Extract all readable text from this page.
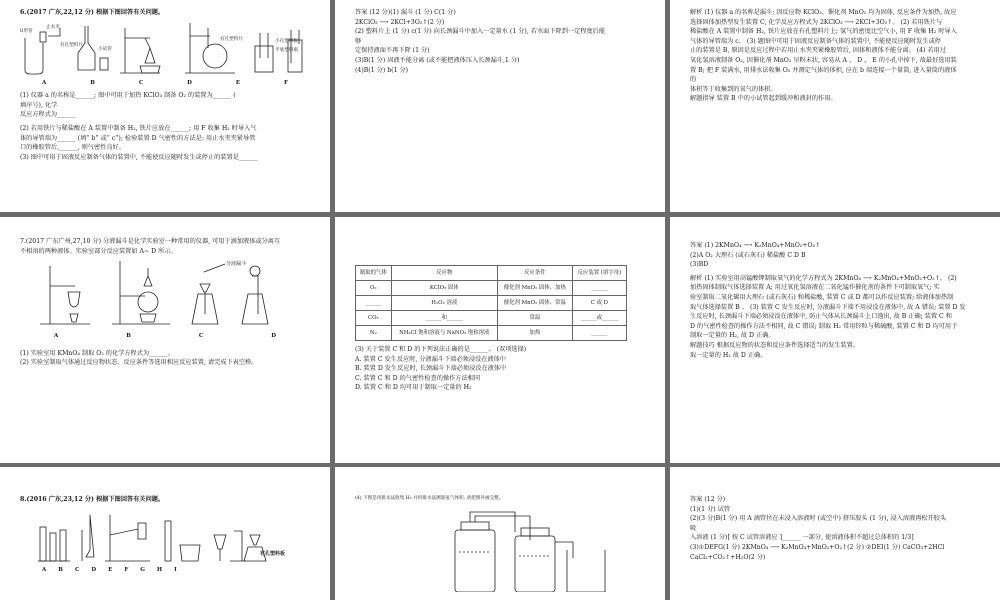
6.(2017 广东,22,12 分) 根据下图回答有关问题。
止水夹
有孔塑料片
小试管
有孔塑料片	小孔塑料板
平底塑料瓶
U形管
A	B	C	D	E	F
(1) 仪器 a 的名称是______; 图中可用于加热 KClO₃ 制备 O₂ 的装置为______ (
填序号), 化学
反应方程式为______
(2) 若用铁片与稀盐酸在 A 装置中制备 H₂, 铁片应放在______; 用 F 收集 H₂ 时导入气
体的导管端为______ (填“ b” 或“ c”); 检验装置 D 气密性的方法是: 用止水夹夹紧导管
口的橡胶管后,______, 则气密性良好。
(3) 图中可用于固液反应制备气体的装置中, 不能使反应随时发生或停止的装置是______
答案 (12 分)(1) 漏斗 (1 分) C(1 分)
2KClO₃ ⟶ 2KCl+3O₂↑(2 分)
(2) 塑料片上 (1 分) c(1 分) 向长颈漏斗中加入一定量水 (1 分), 若水面下降到一定程度后能
够
定保持液面不再下降 (1 分)
(3)B(1 分) 固液不能分离 (或不能把液体压入长颈漏斗,1 分)
(4)B(1 分) b(1 分)
解析 (1) 仪器 a 的名称是漏斗; 因反应物 KClO₃、催化剂 MnO₂ 均为固体, 反应条件为加热, 故应
选择固体加热型发生装置 C, 化学反应方程式为 2KClO₃ ⟶ 2KCl+3O₂↑。 (2) 若用铁片与
稀盐酸在 A 装置中制备 H₂, 铁片应放在有孔塑料片上; 氢气的密度比空气小, 用 F 收集 H₂ 时导入
气体的导管端为 c。 (3) 题图中可用于固液反应制备气体的装置中, 不能使反应随时发生或停
止的装置是 B, 原因是反应过程中若用止水夹夹紧橡胶管后, 固体和液体不能分离。 (4) 若用过
氧化氢溶液制备 O₂, 因催化剂 MnO₂ 呈粉末状, 容易从 A 、 D 、 E 的小孔中掉下, 故最好选用装
置 B; 把 F 装满水, 用排水法收集 O₂ 并测定气体的体积, 应在 b 端连接一个量筒, 进入量筒的液体
的
体积等于收集到的氧气的体积。
解题指导 装置 B 中的小试管起到缓冲和液封的作用。
7.(2017 广东广州,27,10 分) 分液漏斗是化学实验室一种常用的仪器, 可用于滴加液体或分离互
不相溶的两种液体。实验室部分反应装置如 A~ D 所示。
分液漏斗
A	B	C	D
(1) 实验室用 KMnO₄ 制取 O₂ 的化学方程式为______。
(2) 实验室制取气体通过反应物状态、反应条件等选用相应反应装置, 请完成下表空格。
制取的气体	反应物	反应条件	反应装置 (填字母)
O₂	KClO₃ 固体	催化剂 MnO₂ 固体、加热	______
______	H₂O₂ 溶液	催化剂 MnO₂ 固体、常温	C 或 D
CO₂	______和______	常温	______或______
N₂	NH₄Cl 饱和溶液与 NaNO₂ 饱和溶液	加热	______
(3) 关于装置 C 和 D 的下列说法正确的是______。 (双项选择)
A. 装置 C 发生反应时, 分液漏斗下端必须浸没在液体中
B. 装置 D 发生反应时, 长颈漏斗下端必须浸没在液体中
C. 装置 C 和 D 的气密性检查的操作方法相同
D. 装置 C 和 D 均可用于制取一定量的 H₂
答案 (1) 2KMnO₄ ⟶ K₂MnO₄+MnO₂+O₂↑
(2)A O₂ 大理石 (或石灰石) 稀盐酸 C D B
(3)BD
解析 (1) 实验室用高锰酸钾制取氧气的化学方程式为 2KMnO₄ ⟶ K₂MnO₄+MnO₂+O₂↑。 (2)
加热固体制取气体选择装置 A; 用过氧化氢溶液在二氧化锰作催化剂的条件下可制取氧气; 实
验室制取二氧化碳用大理石 (或石灰石) 和稀盐酸, 装置 C 或 D 都可以作反应装置; 给液体加热制
取气体选择装置 B 。 (3) 装置 C 发生反应时, 分液漏斗下端不用浸没在液体中, 故 A 错误; 装置 D 发
生反应时, 长颈漏斗下端必须浸没在液体中, 防止气体从长颈漏斗上口逸出, 故 B 正确; 装置 C 和
D 的气密性检查的操作方法不相同, 故 C 错误; 制取 H₂ 常用锌粒与稀硫酸, 装置 C 和 D 均可用于
制取一定量的 H₂, 故 D 正确。
解题技巧 根据反应物的状态和反应条件选择适当的发生装置。
取一定量的 H₂ 故 D 正确。
8.(2016 广东,23,12 分) 根据下图回答有关问题。
有孔塑料板
A B C D E F G H I
(4) 下图是用排水法收集 H₂ 并用排水法测量氢气体积, 请把图补画完整。	答案 (12 分)
(1)(1 分) 试管
(2)(3 分)B(1 分) 用 A 滴管往在未浸入溶液时 (或空中) 挤压胶头 (1 分), 浸入溶液再松开胶头
吸
入溶液 (1 分)[ 按 C 试管溶液应 ]______ 一部分, 使溶液体积不超过总体积的 1/3]
(3)①DEFG(1 分) 2KMnO₄ ⟶ K₂MnO₄+MnO₂+O₂↑(2 分) ②DEI(1 分) CaCO₃+2HCl
CaCl₂+CO₂↑+H₂O(2 分)
